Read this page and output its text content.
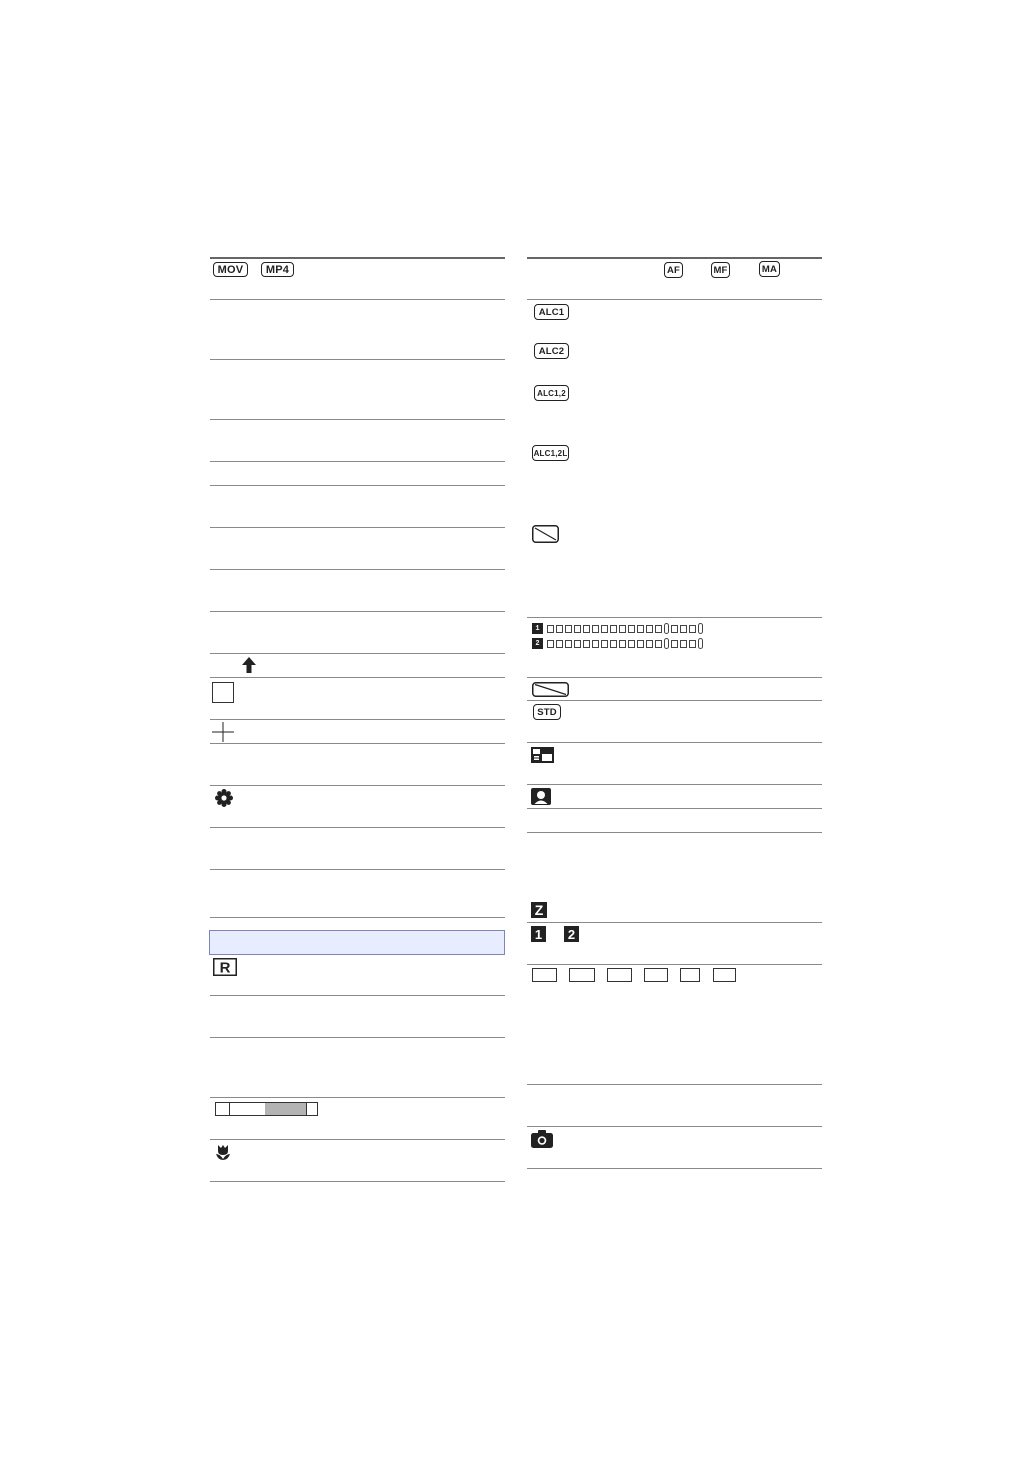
MOV MP4
R
AF	MF	MA
ALC1
ALC2
ALC1,2
ALC1,2L
1
2
STD
Z
1 2
